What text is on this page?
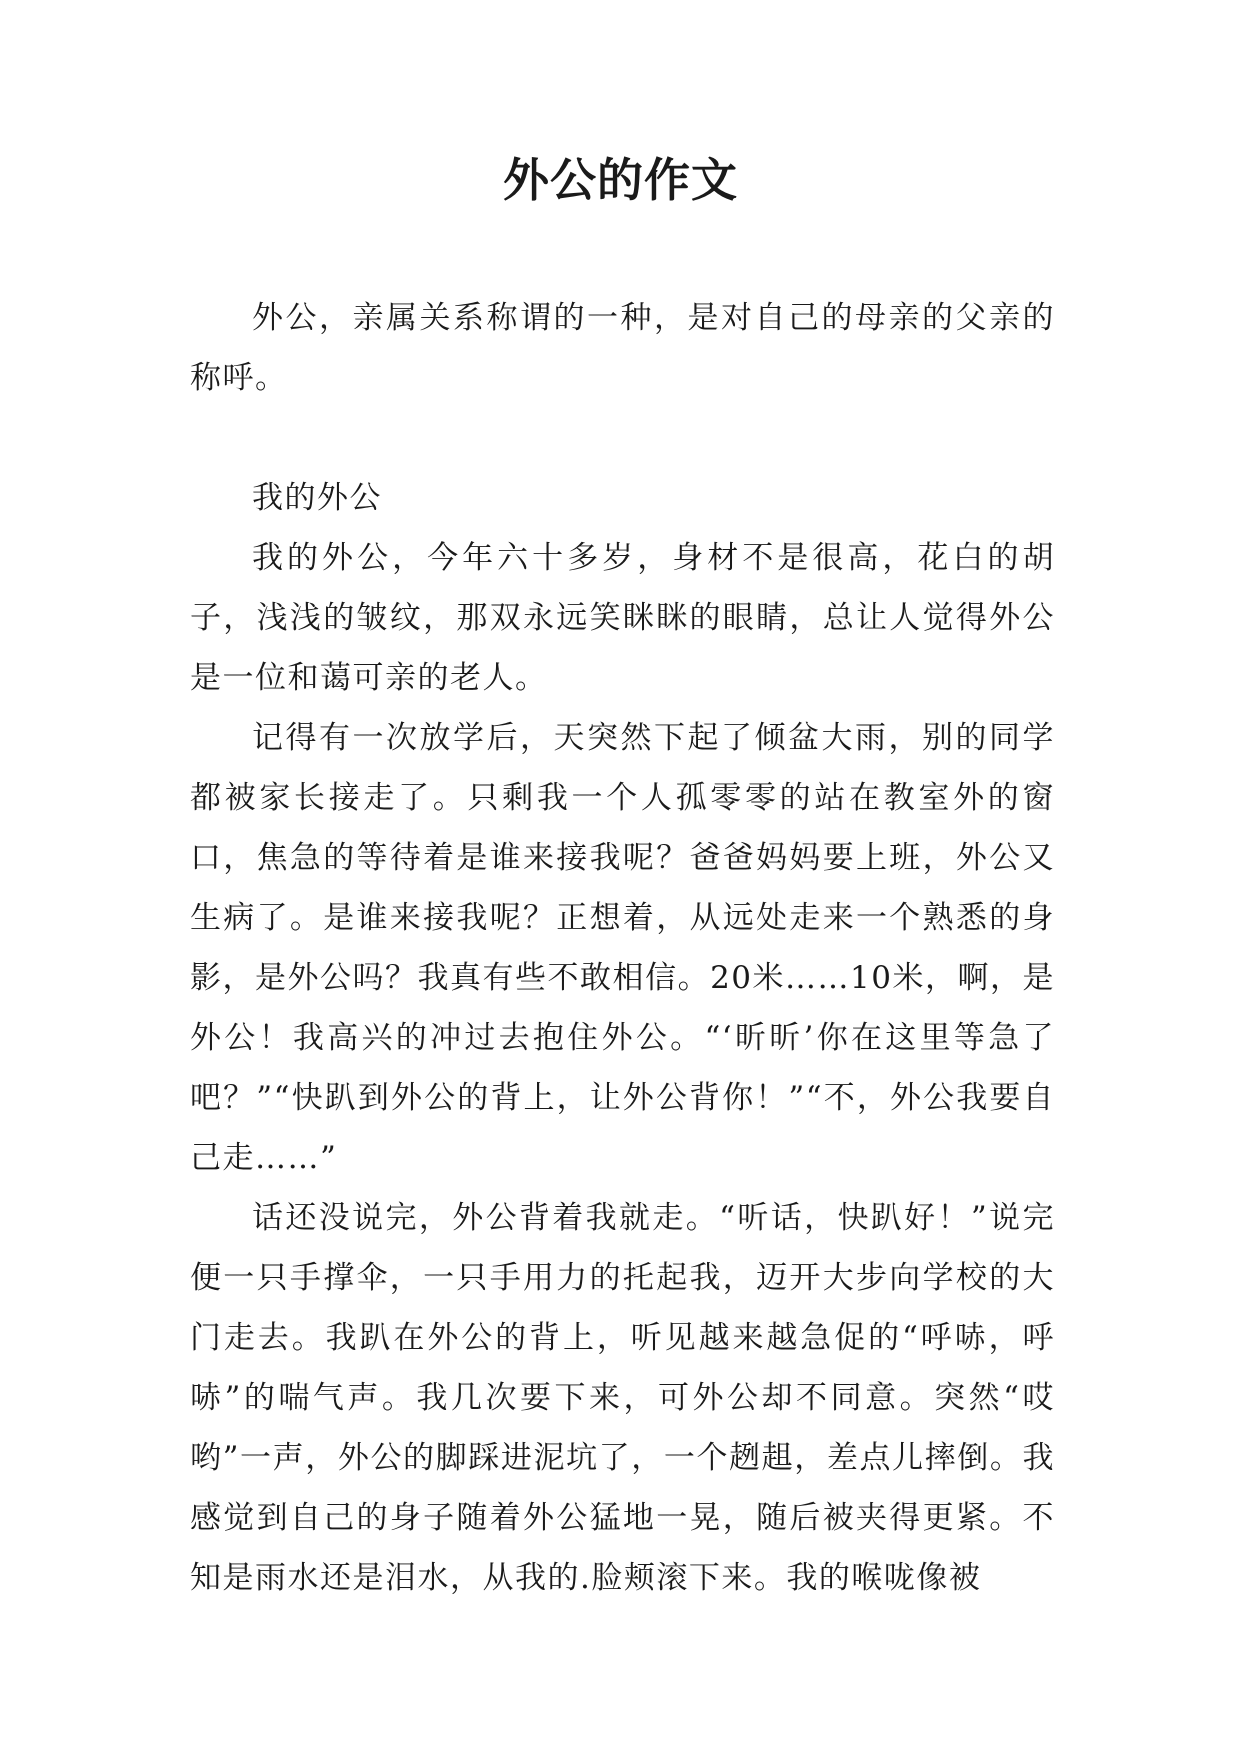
外公的作文

外公，亲属关系称谓的一种，是对自己的母亲的父亲的称呼。

我的外公

我的外公，今年六十多岁，身材不是很高，花白的胡子，浅浅的皱纹，那双永远笑眯眯的眼睛，总让人觉得外公是一位和蔼可亲的老人。

记得有一次放学后，天突然下起了倾盆大雨，别的同学都被家长接走了。只剩我一个人孤零零的站在教室外的窗口，焦急的等待着是谁来接我呢？爸爸妈妈要上班，外公又生病了。是谁来接我呢？正想着，从远处走来一个熟悉的身影，是外公吗？我真有些不敢相信。20米……10米，啊，是外公！我高兴的冲过去抱住外公。“‘昕昕’你在这里等急了吧？”“快趴到外公的背上，让外公背你！”“不，外公我要自己走……”

话还没说完，外公背着我就走。“听话，快趴好！”说完便一只手撑伞，一只手用力的托起我，迈开大步向学校的大门走去。我趴在外公的背上，听见越来越急促的“呼哧，呼哧”的喘气声。我几次要下来，可外公却不同意。突然“哎哟”一声，外公的脚踩进泥坑了，一个趔趄，差点儿摔倒。我感觉到自己的身子随着外公猛地一晃，随后被夹得更紧。不知是雨水还是泪水，从我的.脸颊滚下来。我的喉咙像被
